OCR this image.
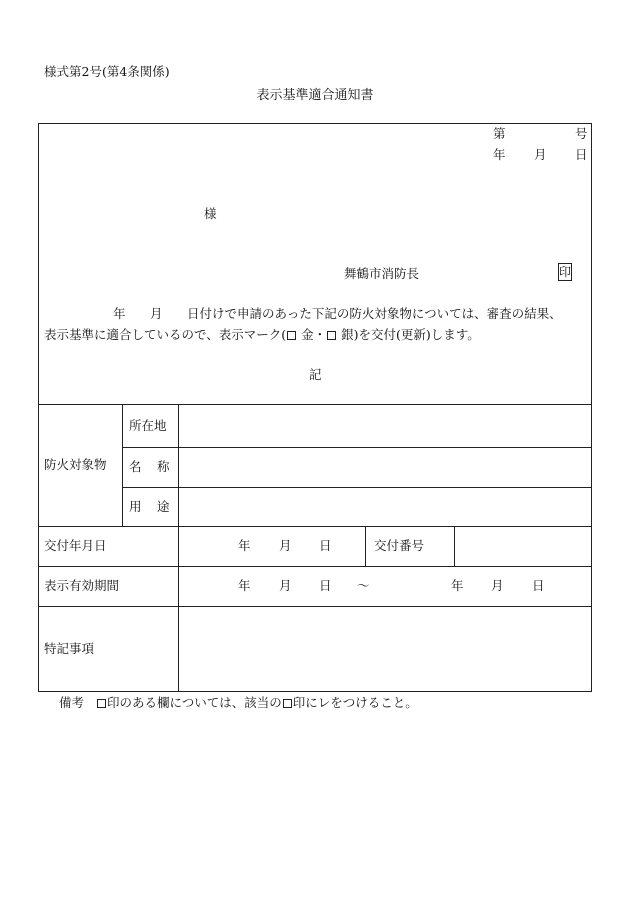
様式第2号(第4条関係)
表示基準適合通知書
第	号
年 月 日
様
舞鶴市消防長	印
年 月 日付けで申請のあった下記の防火対象物については、審査の結果、
表示基準に適合しているので、表示マーク( 金・ 銀)を交付(更新)します。
記
防火対象物
所在地
名 称
用 途
交付年月日	年 月 日	交付番号
表示有効期間	年 月 日 〜	年 月 日
特記事項
備考 印のある欄については、該当の 印にレをつけること。
